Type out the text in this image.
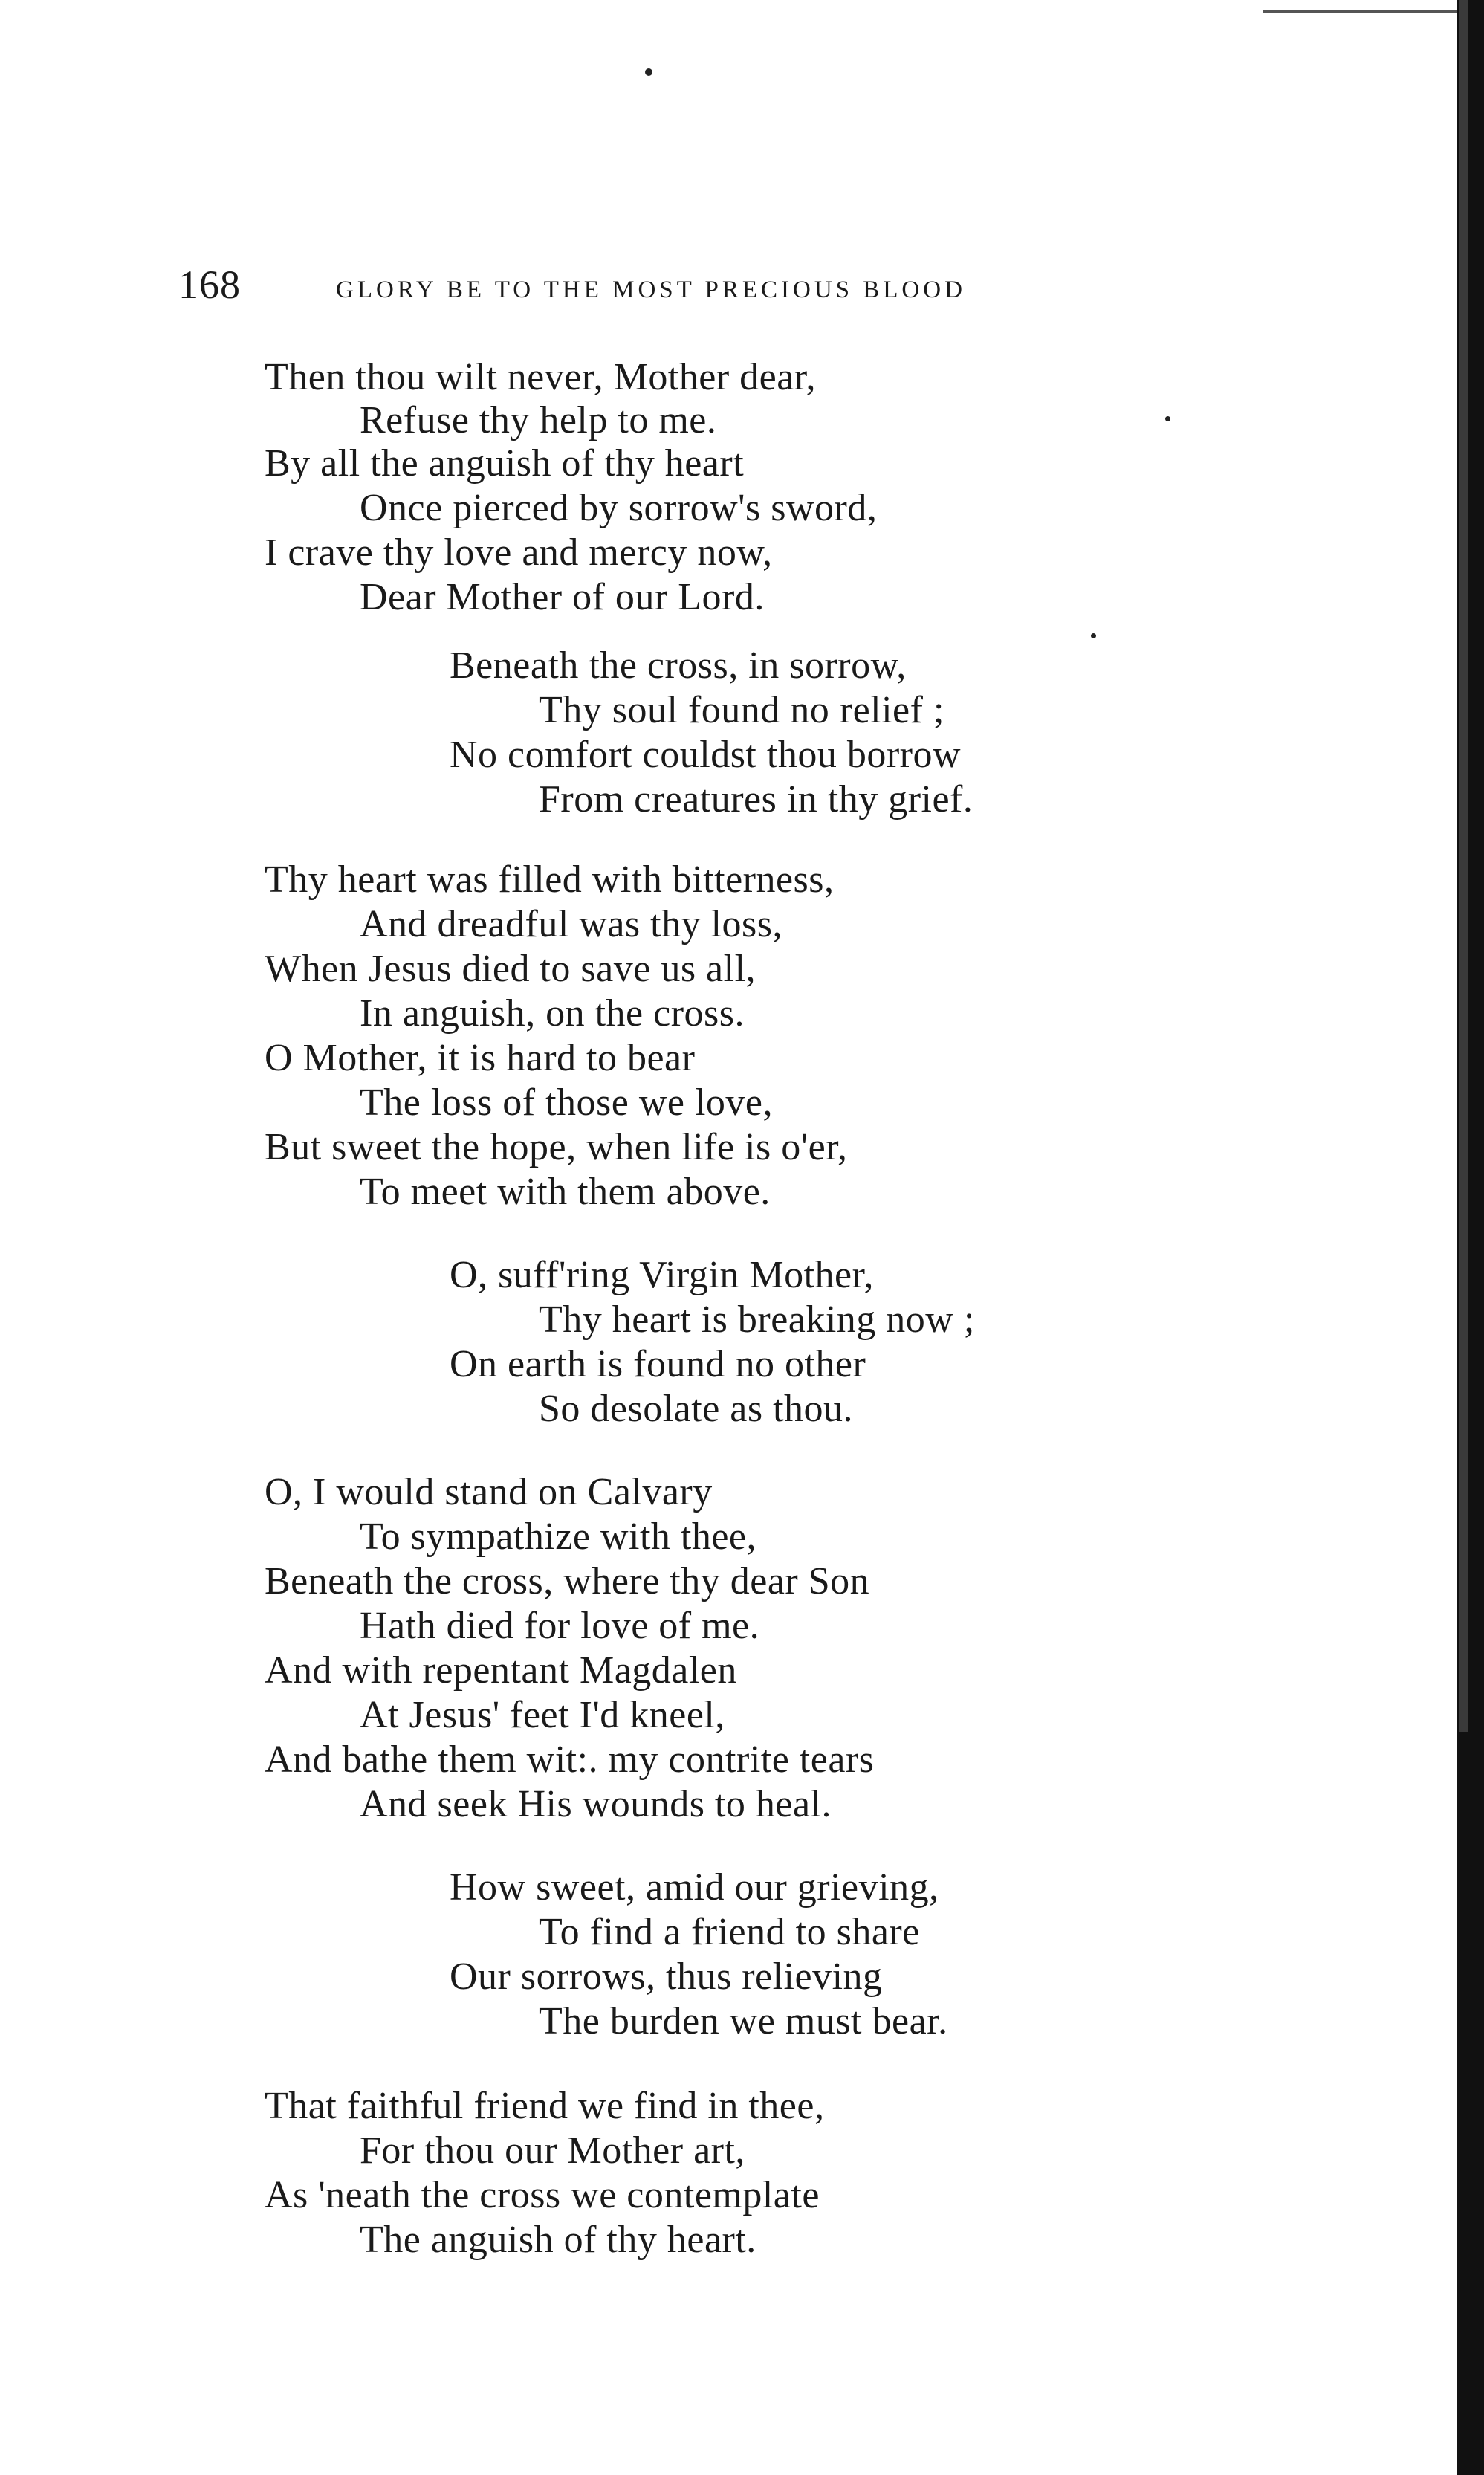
168	GLORY BE TO THE MOST PRECIOUS BLOOD
Then thou wilt never, Mother dear,
Refuse thy help to me.
By all the anguish of thy heart
Once pierced by sorrow's sword,
I crave thy love and mercy now,
Dear Mother of our Lord.
Beneath the cross, in sorrow,
Thy soul found no relief ;
No comfort couldst thou borrow
From creatures in thy grief.
Thy heart was filled with bitterness,
And dreadful was thy loss,
When Jesus died to save us all,
In anguish, on the cross.
O Mother, it is hard to bear
The loss of those we love,
But sweet the hope, when life is o'er,
To meet with them above.
O, suff'ring Virgin Mother,
Thy heart is breaking now ;
On earth is found no other
So desolate as thou.
O, I would stand on Calvary
To sympathize with thee,
Beneath the cross, where thy dear Son
Hath died for love of me.
And with repentant Magdalen
At Jesus' feet I'd kneel,
And bathe them wit:. my contrite tears
And seek His wounds to heal.
How sweet, amid our grieving,
To find a friend to share
Our sorrows, thus relieving
The burden we must bear.
That faithful friend we find in thee,
For thou our Mother art,
As 'neath the cross we contemplate
The anguish of thy heart.
